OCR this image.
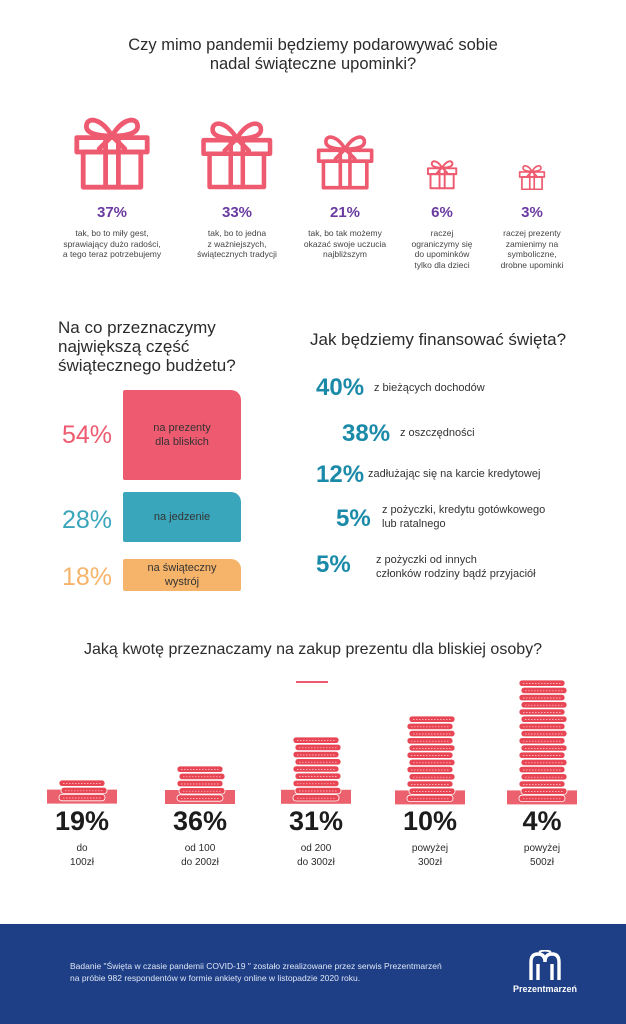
Czy mimo pandemii będziemy podarowywać sobie
nadal świąteczne upominki?
37%
tak, bo to miły gest,
sprawiający dużo radości,
a tego teraz potrzebujemy
33%
tak, bo to jedna
z ważniejszych,
świątecznych tradycji
21%
tak, bo tak możemy
okazać swoje uczucia
najbliższym
6%
raczej
ograniczymy się
do upominków
tylko dla dzieci
3%
raczej prezenty
zamienimy na
symboliczne,
drobne upominki
Na co przeznaczymy
największą część
świątecznego budżetu?
54%	na prezenty
dla bliskich
28%	na jedzenie
18%	na świąteczny
wystrój
Jak będziemy finansować święta?
40% z bieżących dochodów
38% z oszczędności
12% zadłużając się na karcie kredytowej
5% z pożyczki, kredytu gotówkowego
lub ratalnego
5% z pożyczki od innych
członków rodziny bądź przyjaciół
Jaką kwotę przeznaczamy na zakup prezentu dla bliskiej osoby?
19%
do
100zł
36%
od 100
do 200zł
31%
od 200
do 300zł
10%
powyżej
300zł
4%
powyżej
500zł
Badanie "Święta w czasie pandemii COVID-19 " zostało zrealizowane przez serwis Prezentmarzeń
na próbie 982 respondentów w formie ankiety online w listopadzie 2020 roku.
Prezentmarzeń
